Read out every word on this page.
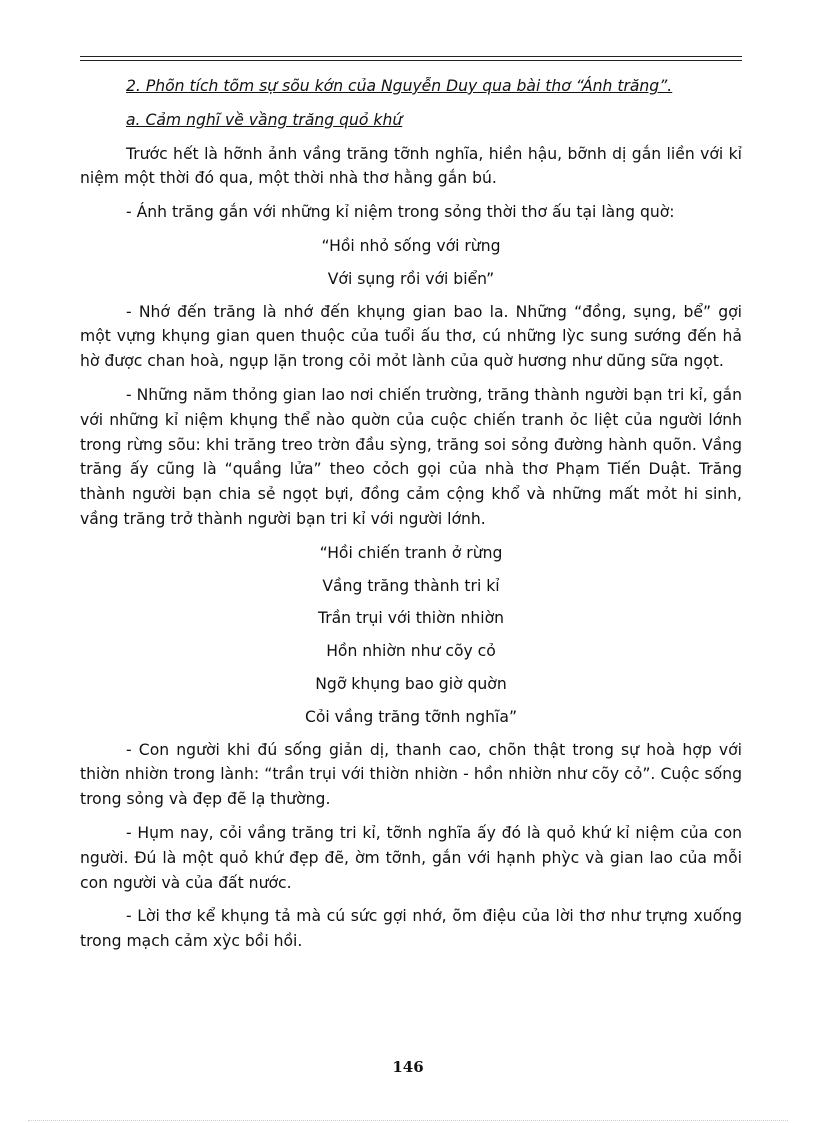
2. Phõn tích tõm sự sõu kớn của Nguyễn Duy qua bài thơ “Ánh trăng”.

a. Cảm nghĩ về vầng trăng quỏ khứ

Trước hết là hỡnh ảnh vầng trăng tỡnh nghĩa, hiền hậu, bỡnh dị gắn liền với kỉ niệm một thời đó qua, một thời nhà thơ hằng gắn bú.

- Ánh trăng gắn với những kỉ niệm trong sỏng thời thơ ấu tại làng quờ:

“Hồi nhỏ sống với rừng
Với sụng rồi với biển”

- Nhớ đến trăng là nhớ đến khụng gian bao la. Những “đồng, sụng, bể” gợi một vựng khụng gian quen thuộc của tuổi ấu thơ, cú những lỳc sung sướng đến hả hờ được chan hoà, ngụp lặn trong cỏi mỏt lành của quờ hương như dũng sữa ngọt.

- Những năm thỏng gian lao nơi chiến trường, trăng thành người bạn tri kỉ, gắn với những kỉ niệm khụng thể nào quờn của cuộc chiến tranh ỏc liệt của người lớnh trong rừng sõu: khi trăng treo trờn đầu sỳng, trăng soi sỏng đường hành quõn. Vầng trăng ấy cũng là “quầng lửa” theo cỏch gọi của nhà thơ Phạm Tiến Duật. Trăng thành người bạn chia sẻ ngọt bựi, đồng cảm cộng khổ và những mất mỏt hi sinh, vầng trăng trở thành người bạn tri kỉ với người lớnh.

“Hồi chiến tranh ở rừng
Vầng trăng thành tri kỉ
Trần trụi với thiờn nhiờn
Hồn nhiờn như cõy cỏ
Ngỡ khụng bao giờ quờn
Cỏi vầng trăng tỡnh nghĩa”

- Con người khi đú sống giản dị, thanh cao, chõn thật trong sự hoà hợp với thiờn nhiờn trong lành: “trần trụi với thiờn nhiờn - hồn nhiờn như cõy cỏ”. Cuộc sống trong sỏng và đẹp đẽ lạ thường.

- Hụm nay, cỏi vầng trăng tri kỉ, tỡnh nghĩa ấy đó là quỏ khứ kỉ niệm của con người. Đú là một quỏ khứ đẹp đẽ, ờm tỡnh, gắn với hạnh phỳc và gian lao của mỗi con người và của đất nước.

- Lời thơ kể khụng tả mà cú sức gợi nhớ, õm điệu của lời thơ như trựng xuống trong mạch cảm xỳc bồi hồi.

146
